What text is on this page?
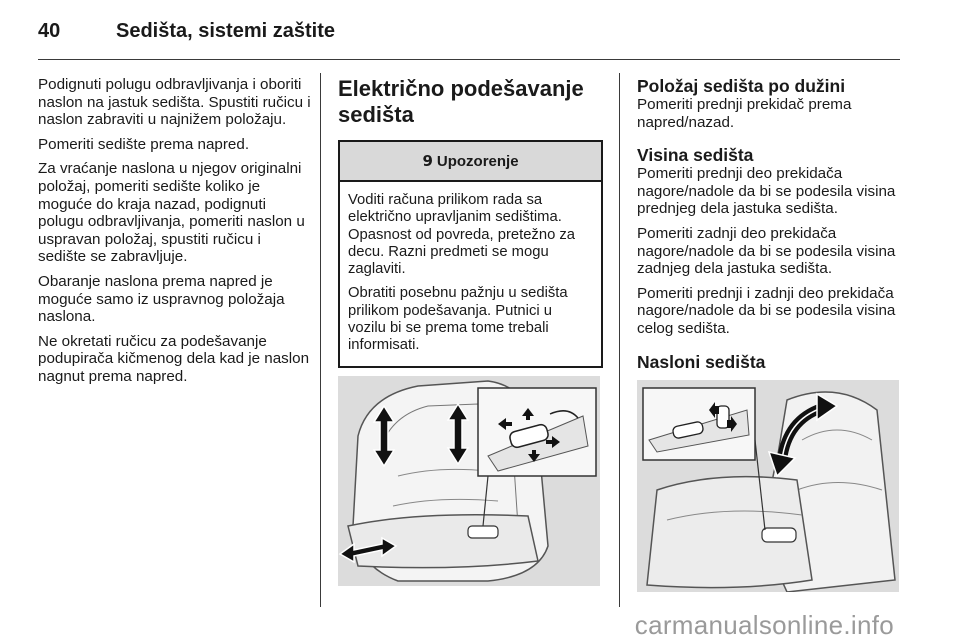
40	Sedišta, sistemi zaštite

Podignuti polugu odbravljivanja i oboriti naslon na jastuk sedišta. Spustiti ručicu i naslon zabraviti u najnižem položaju.

Pomeriti sedište prema napred.

Za vraćanje naslona u njegov originalni položaj, pomeriti sedište koliko je moguće do kraja nazad, podignuti polugu odbravljivanja, pomeriti naslon u uspravan položaj, spustiti ručicu i sedište se zabravljuje.

Obaranje naslona prema napred je moguće samo iz uspravnog položaja naslona.

Ne okretati ručicu za podešavanje podupirača kičmenog dela kad je naslon nagnut prema napred.

Električno podešavanje sedišta
9 Upozorenje

Voditi računa prilikom rada sa električno upravljanim sedištima. Opasnost od povreda, pretežno za decu. Razni predmeti se mogu zaglaviti.

Obratiti posebnu pažnju u sedišta prilikom podešavanja. Putnici u vozilu bi se prema tome trebali informisati.

Položaj sedišta po dužini

Pomeriti prednji prekidač prema napred/nazad.

Visina sedišta

Pomeriti prednji deo prekidača nagore/nadole da bi se podesila visina prednjeg dela jastuka sedišta.

Pomeriti zadnji deo prekidača nagore/nadole da bi se podesila visina zadnjeg dela jastuka sedišta.

Pomeriti prednji i zadnji deo prekidača nagore/nadole da bi se podesila visina celog sedišta.

Nasloni sedišta
carmanualsonline.info
